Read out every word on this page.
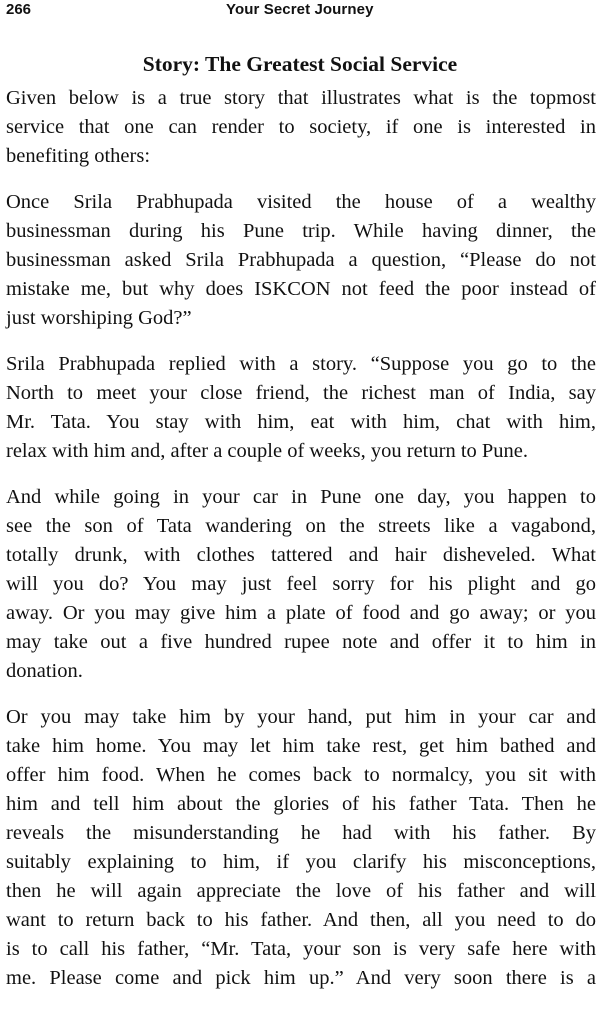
266	Your Secret Journey
Story: The Greatest Social Service

Given below is a true story that illustrates what is the topmost
service that one can render to society, if one is interested in
benefiting others:

Once Srila Prabhupada visited the house of a wealthy
businessman during his Pune trip. While having dinner, the
businessman asked Srila Prabhupada a question, “Please do not
mistake me, but why does ISKCON not feed the poor instead of
just worshiping God?”

Srila Prabhupada replied with a story. “Suppose you go to the
North to meet your close friend, the richest man of India, say
Mr. Tata. You stay with him, eat with him, chat with him,
relax with him and, after a couple of weeks, you return to Pune.

And while going in your car in Pune one day, you happen to
see the son of Tata wandering on the streets like a vagabond,
totally drunk, with clothes tattered and hair disheveled. What
will you do? You may just feel sorry for his plight and go
away. Or you may give him a plate of food and go away; or you
may take out a five hundred rupee note and offer it to him in
donation.

Or you may take him by your hand, put him in your car and
take him home. You may let him take rest, get him bathed and
offer him food. When he comes back to normalcy, you sit with
him and tell him about the glories of his father Tata. Then he
reveals the misunderstanding he had with his father. By
suitably explaining to him, if you clarify his misconceptions,
then he will again appreciate the love of his father and will
want to return back to his father. And then, all you need to do
is to call his father, “Mr. Tata, your son is very safe here with
me. Please come and pick him up.” And very soon there is a
